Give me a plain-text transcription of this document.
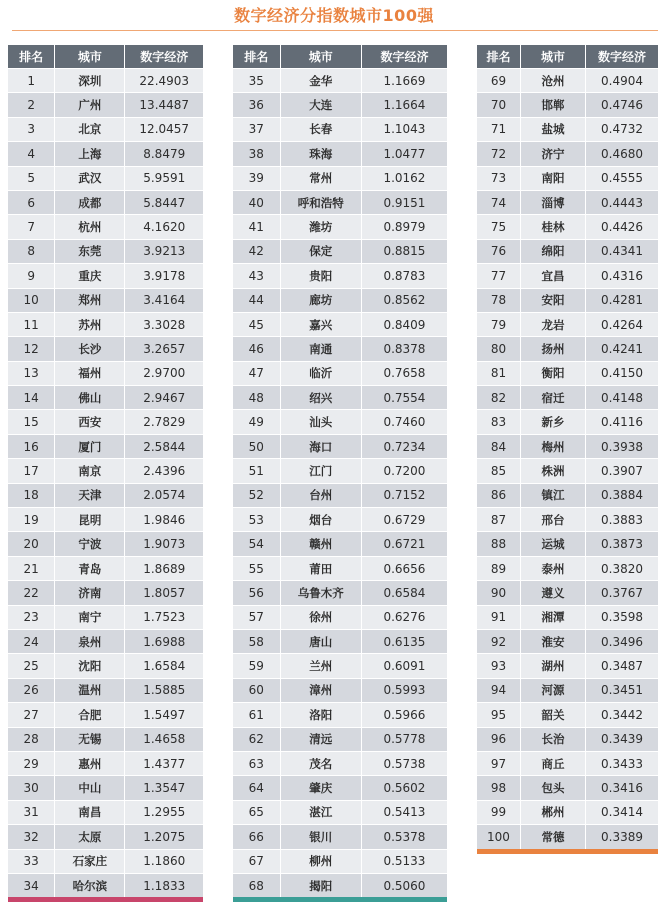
数字经济分指数城市100强
排名	城市	数字经济
1	深圳	22.4903
2	广州	13.4487
3	北京	12.0457
4	上海	8.8479
5	武汉	5.9591
6	成都	5.8447
7	杭州	4.1620
8	东莞	3.9213
9	重庆	3.9178
10	郑州	3.4164
11	苏州	3.3028
12	长沙	3.2657
13	福州	2.9700
14	佛山	2.9467
15	西安	2.7829
16	厦门	2.5844
17	南京	2.4396
18	天津	2.0574
19	昆明	1.9846
20	宁波	1.9073
21	青岛	1.8689
22	济南	1.8057
23	南宁	1.7523
24	泉州	1.6988
25	沈阳	1.6584
26	温州	1.5885
27	合肥	1.5497
28	无锡	1.4658
29	惠州	1.4377
30	中山	1.3547
31	南昌	1.2955
32	太原	1.2075
33	石家庄	1.1860
34	哈尔滨	1.1833
排名	城市	数字经济
35	金华	1.1669
36	大连	1.1664
37	长春	1.1043
38	珠海	1.0477
39	常州	1.0162
40	呼和浩特	0.9151
41	潍坊	0.8979
42	保定	0.8815
43	贵阳	0.8783
44	廊坊	0.8562
45	嘉兴	0.8409
46	南通	0.8378
47	临沂	0.7658
48	绍兴	0.7554
49	汕头	0.7460
50	海口	0.7234
51	江门	0.7200
52	台州	0.7152
53	烟台	0.6729
54	赣州	0.6721
55	莆田	0.6656
56	乌鲁木齐	0.6584
57	徐州	0.6276
58	唐山	0.6135
59	兰州	0.6091
60	漳州	0.5993
61	洛阳	0.5966
62	清远	0.5778
63	茂名	0.5738
64	肇庆	0.5602
65	湛江	0.5413
66	银川	0.5378
67	柳州	0.5133
68	揭阳	0.5060
排名	城市	数字经济
69	沧州	0.4904
70	邯郸	0.4746
71	盐城	0.4732
72	济宁	0.4680
73	南阳	0.4555
74	淄博	0.4443
75	桂林	0.4426
76	绵阳	0.4341
77	宜昌	0.4316
78	安阳	0.4281
79	龙岩	0.4264
80	扬州	0.4241
81	衡阳	0.4150
82	宿迁	0.4148
83	新乡	0.4116
84	梅州	0.3938
85	株洲	0.3907
86	镇江	0.3884
87	邢台	0.3883
88	运城	0.3873
89	泰州	0.3820
90	遵义	0.3767
91	湘潭	0.3598
92	淮安	0.3496
93	湖州	0.3487
94	河源	0.3451
95	韶关	0.3442
96	长治	0.3439
97	商丘	0.3433
98	包头	0.3416
99	郴州	0.3414
100	常德	0.3389
